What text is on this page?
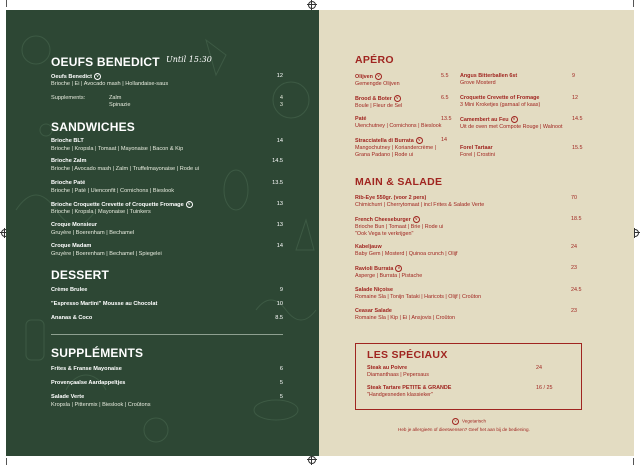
OEUFS BENEDICT Until 15:30
Oeufs Benedict V
Brioche | Ei | Avocado mash | Hollandaise-saus
12
Supplements:	Zalm	4
Spinazie	3
SANDWICHES
Brioche BLT
Brioche | Kropsla | Tomaat | Mayonaise | Bacon & Kip
14
Brioche Zalm
Brioche | Avocado mash | Zalm | Truffelmayonaise | Rode ui
14.5
Brioche Paté
Brioche | Paté | Uienconfit | Cornichons | Bieslook
13.5
Brioche Croquette Crevette of Croquette Fromage V
Brioche | Kropsla | Mayonaise | Tuinkers
13
Croque Monsieur
Gruyère | Boerenham | Bechamel
13
Croque Madam
Gruyère | Boerenham | Bechamel | Spiegelei
14
DESSERT
Crème Brulee	9
"Espresso Martini" Mousse au Chocolat	10
Ananas & Coco	8.5
SUPPLÉMENTS
Frites & Franse Mayonaise	6
Provençaalse Aardappeltjes	5
Salade Verte
Kropsla | Pittenmix | Bieslook | Croûtons
5
APÉRO
Olijven V
Gemengde Olijven
5.5
Brood & Boter V
Boule | Fleur de Sel
6.5
Paté
Uienchutney | Cornichons | Bieslook
13.5
Stracciatella di Burrata V
Mangochutney | Koriandercrème | Grana Padano | Rode ui
14
Angus Bitterballen 6st
Grove Mosterd
9
Croquette Crevette of Fromage
3 Mini Kroketjes (garnaal of kaas)
12
Camembert au Feu V
Uit de oven met Compote Rouge | Walnoot
14.5
Forel Tartaar
Forel | Crostini
15.5
MAIN & SALADE
Rib-Eye 550gr. (voor 2 pers)
Chimichurri | Cherrytomaat | incl Frites & Salade Verte
70
French Cheeseburger V
Brioche Bun | Tomaat | Brie | Rode ui
"Ook Vega te verkrijgen"
18.5
Kabeljauw
Baby Gem | Mosterd | Quinoa crunch | Olijf
24
Ravioli Burrata V
Asperge | Burrata | Pistache
23
Salade Niçoise
Romaine Sla | Tonijn Tataki | Haricots | Olijf | Croûton
24.5
Ceasar Salade
Romaine Sla | Kip | Ei | Ansjovis | Croûton
23
LES SPÉCIAUX
Steak au Poivre
Diamanthaas | Pepersaus
24
Steak Tartare PETITE & GRANDE
"Handgesneden klassieker"
16 / 25
V Vegetarisch
Heb je allergieën of dieetwensen? Geef het aan bij de bediening.
